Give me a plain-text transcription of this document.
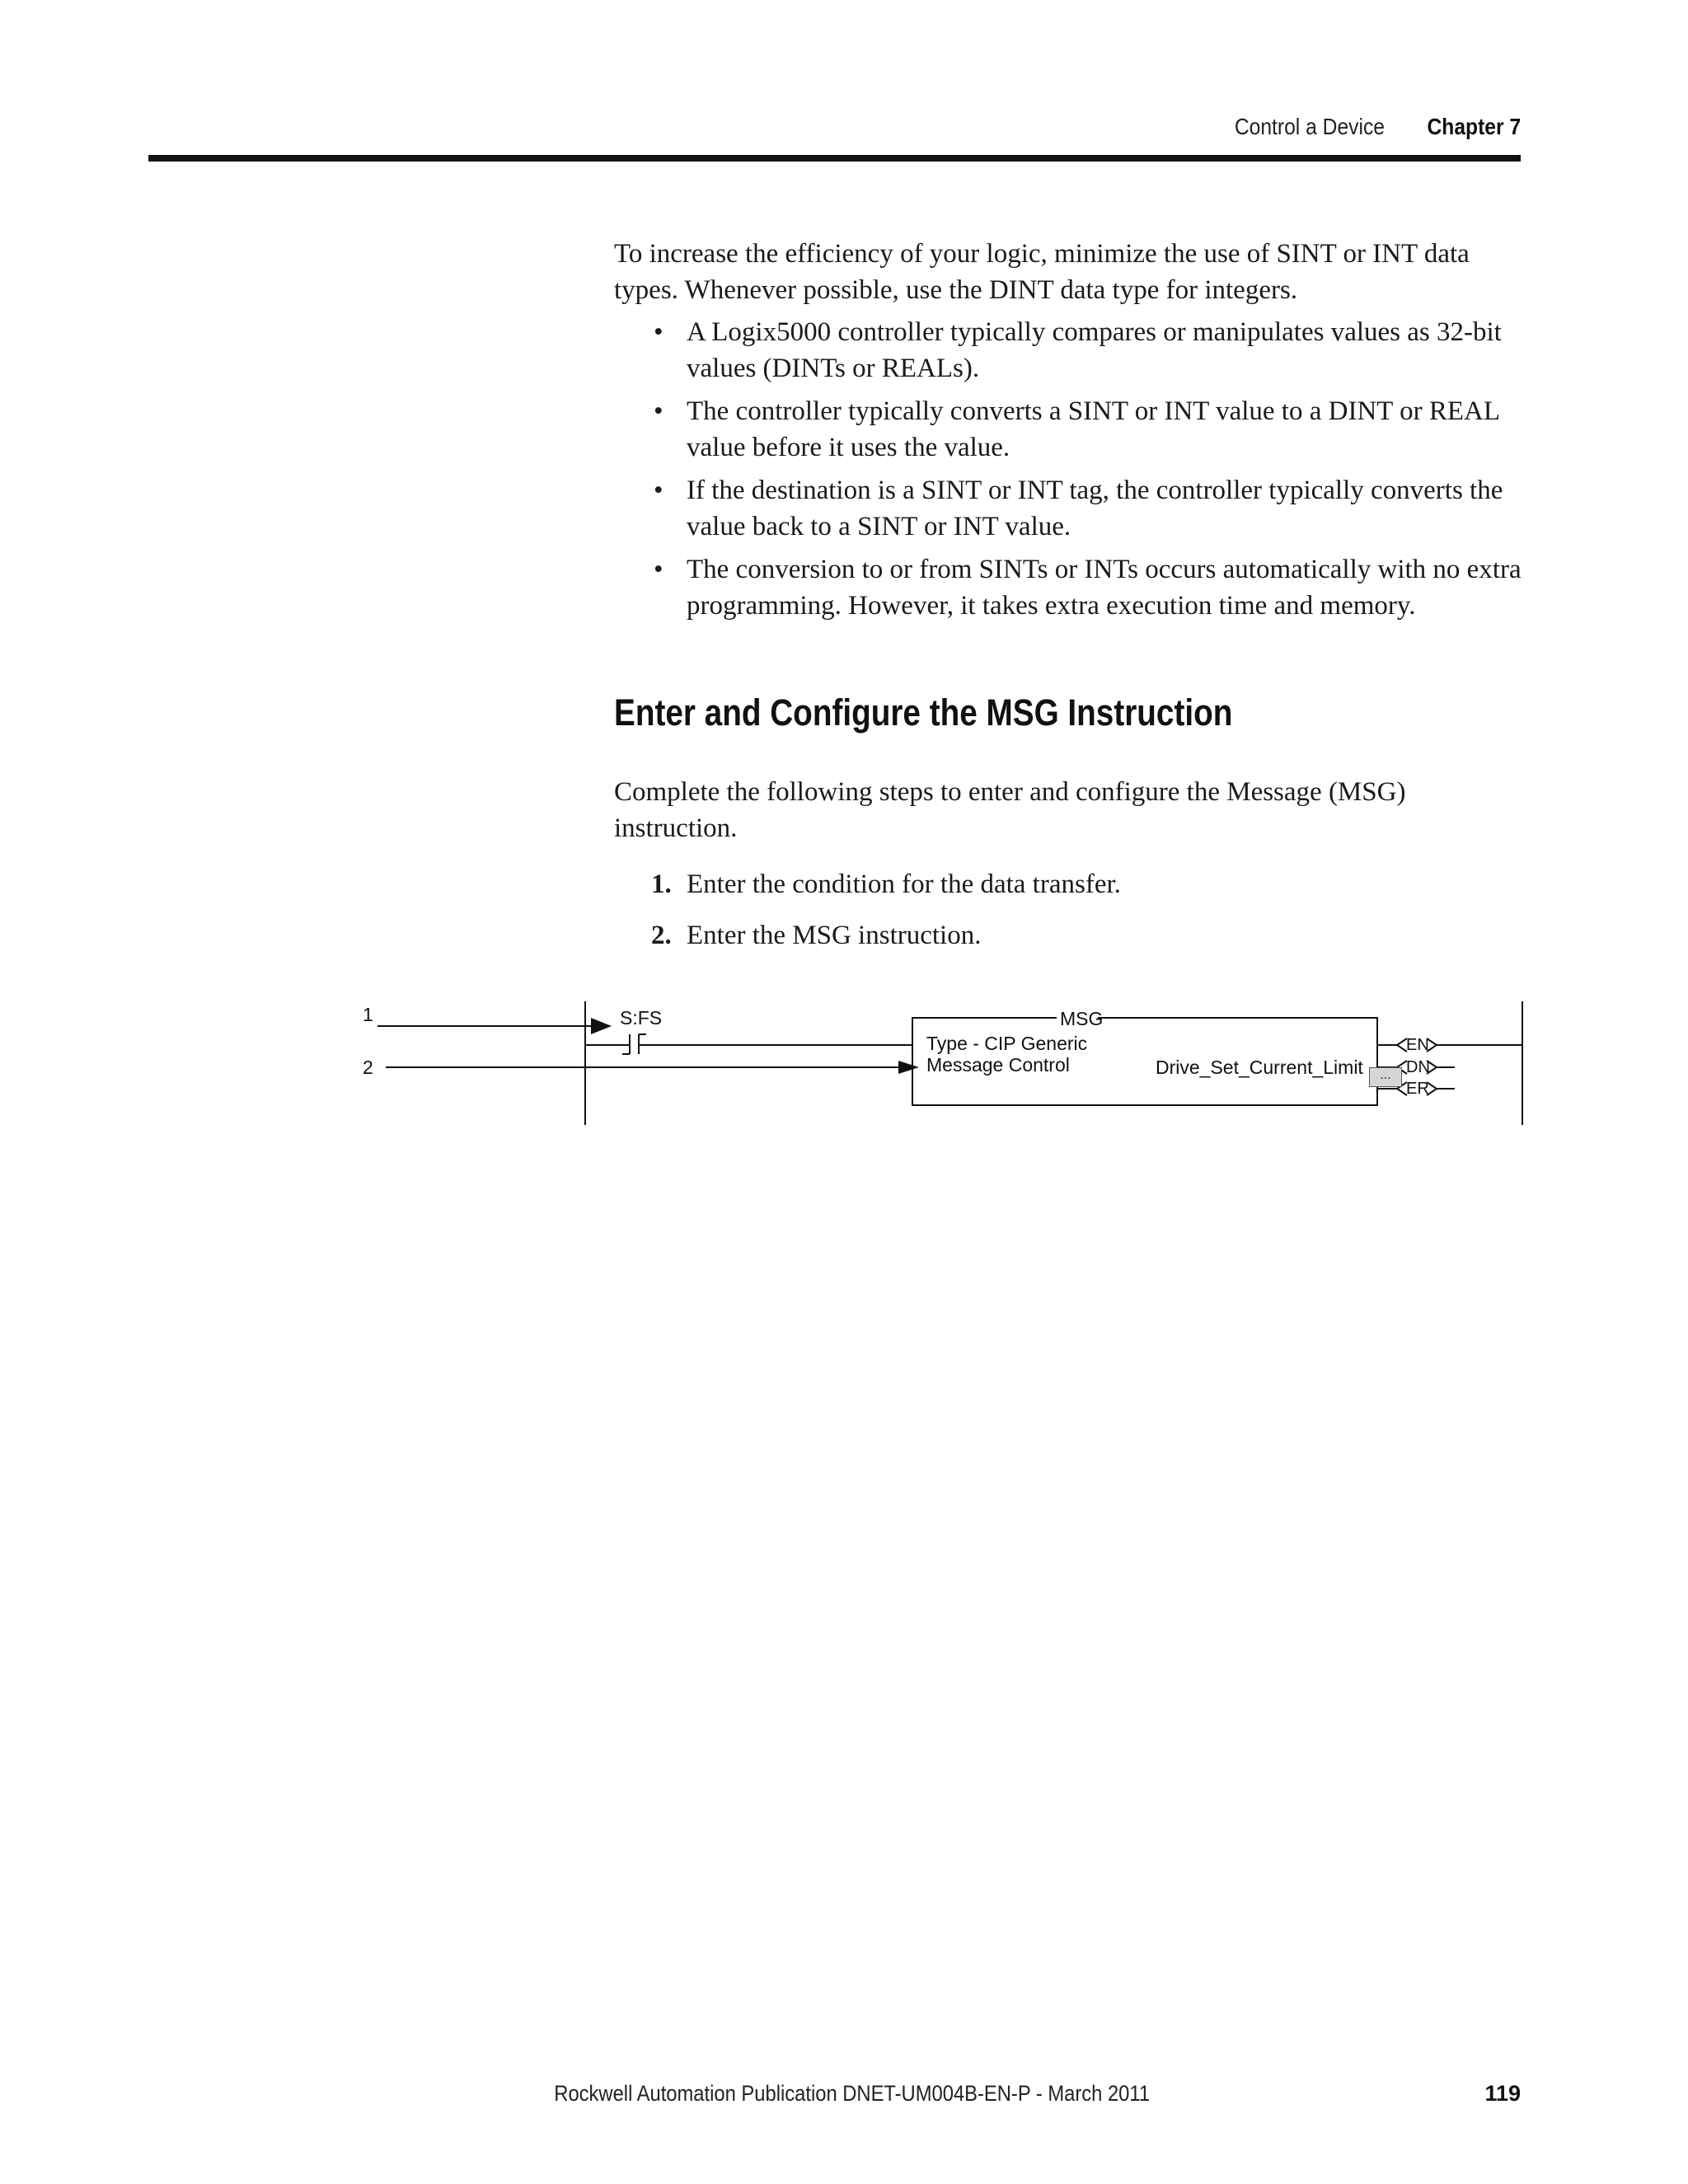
Control a Device Chapter 7

To increase the efficiency of your logic, minimize the use of SINT or INT data types. Whenever possible, use the DINT data type for integers.

• A Logix5000 controller typically compares or manipulates values as 32-bit values (DINTs or REALs).
• The controller typically converts a SINT or INT value to a DINT or REAL value before it uses the value.
• If the destination is a SINT or INT tag, the controller typically converts the value back to a SINT or INT value.
• The conversion to or from SINTs or INTs occurs automatically with no extra programming. However, it takes extra execution time and memory.
Enter and Configure the MSG Instruction

Complete the following steps to enter and configure the Message (MSG) instruction.

1. Enter the condition for the data transfer.
2. Enter the MSG instruction.
1
2
S:FS	MSG
Type - CIP Generic
Message Control	Drive_Set_Current_Limit	...
EN
DN
ER
Rockwell Automation Publication DNET-UM004B-EN-P - March 2011	119
